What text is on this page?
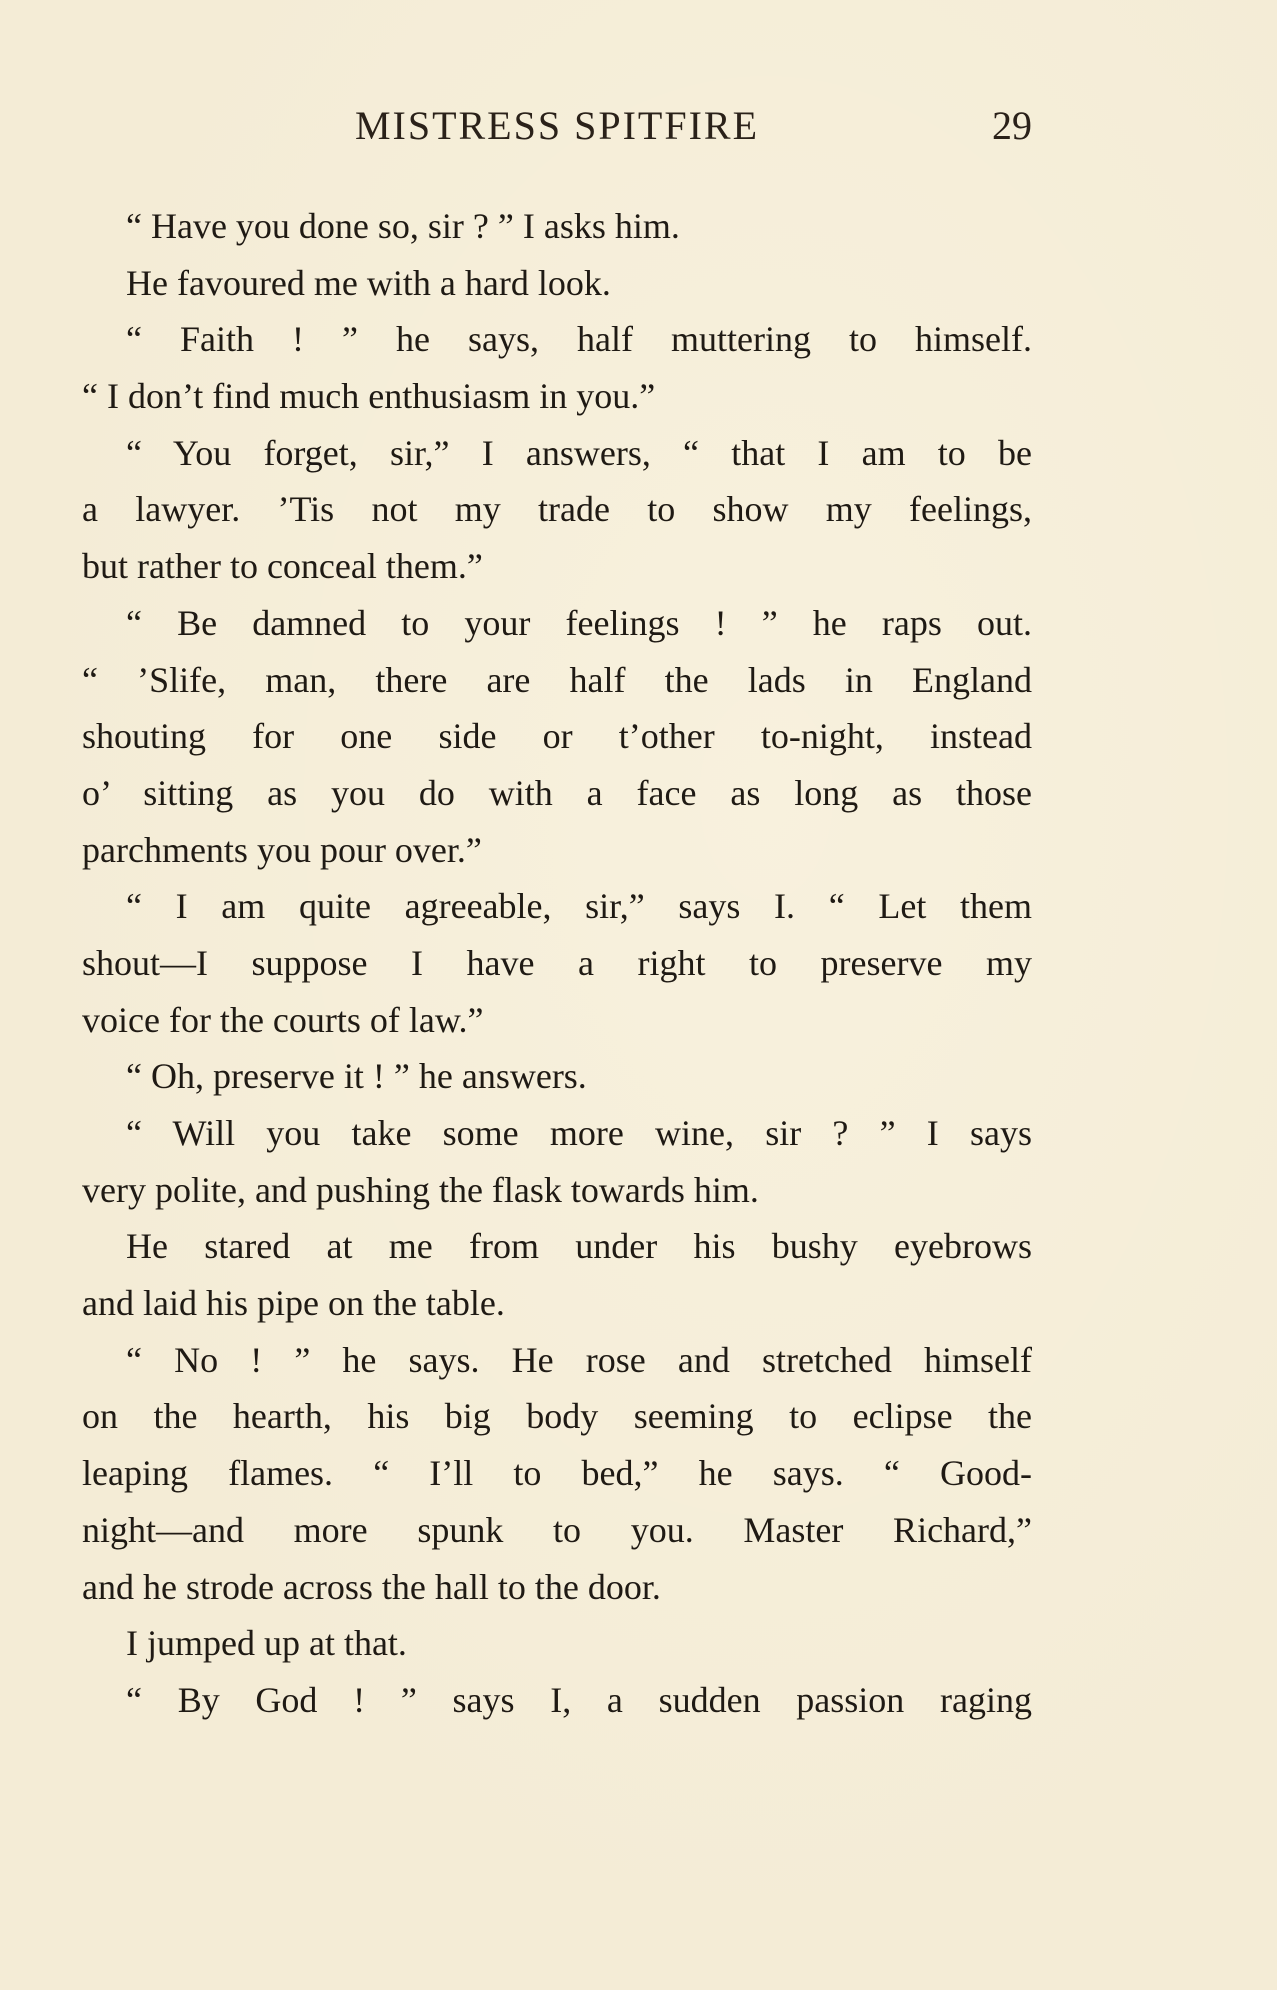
MISTRESS SPITFIRE	29
“ Have you done so, sir ? ” I asks him.
He favoured me with a hard look.
“ Faith ! ” he says, half muttering to himself.
“ I don’t find much enthusiasm in you.”
“ You forget, sir,” I answers, “ that I am to be
a lawyer. ’Tis not my trade to show my feelings,
but rather to conceal them.”
“ Be damned to your feelings ! ” he raps out.
“ ’Slife, man, there are half the lads in England
shouting for one side or t’other to-night, instead
o’ sitting as you do with a face as long as those
parchments you pour over.”
“ I am quite agreeable, sir,” says I. “ Let them
shout—I suppose I have a right to preserve my
voice for the courts of law.”
“ Oh, preserve it ! ” he answers.
“ Will you take some more wine, sir ? ” I says
very polite, and pushing the flask towards him.
He stared at me from under his bushy eyebrows
and laid his pipe on the table.
“ No ! ” he says. He rose and stretched himself
on the hearth, his big body seeming to eclipse the
leaping flames. “ I’ll to bed,” he says. “ Good-
night—and more spunk to you. Master Richard,”
and he strode across the hall to the door.
I jumped up at that.
“ By God ! ” says I, a sudden passion raging
